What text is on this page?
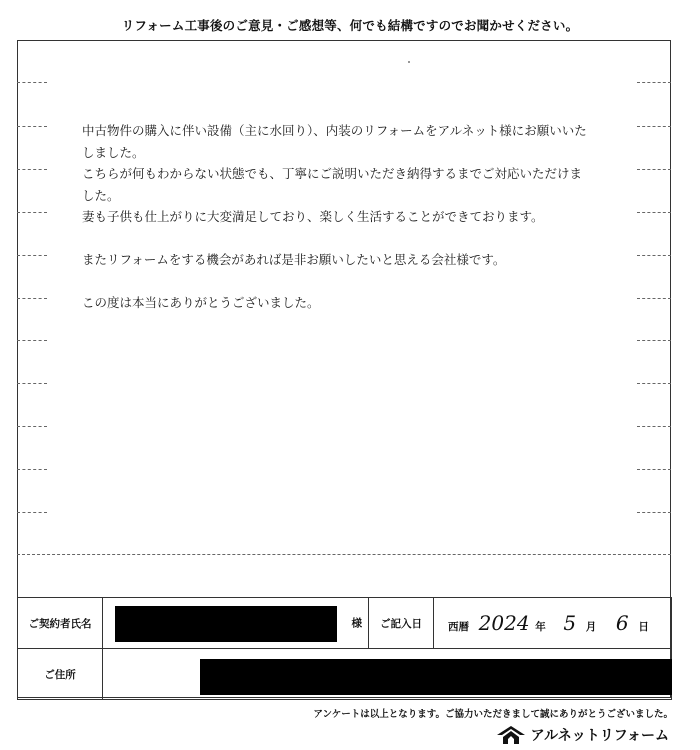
リフォーム工事後のご意見・ご感想等、何でも結構ですのでお聞かせください。

中古物件の購入に伴い設備（主に水回り）、内装のリフォームをアルネット様にお願いいた

しました。

こちらが何もわからない状態でも、丁寧にご説明いただき納得するまでご対応いただけま

した。

妻も子供も仕上がりに大変満足しており、楽しく生活することができております。

またリフォームをする機会があれば是非お願いしたいと思える会社様です。

この度は本当にありがとうございました。

ご契約者氏名	様	ご記入日	西暦 2024 年 5 月 6 日
ご住所			
アンケートは以上となります。ご協力いただきまして誠にありがとうございました。
アルネットリフォーム
